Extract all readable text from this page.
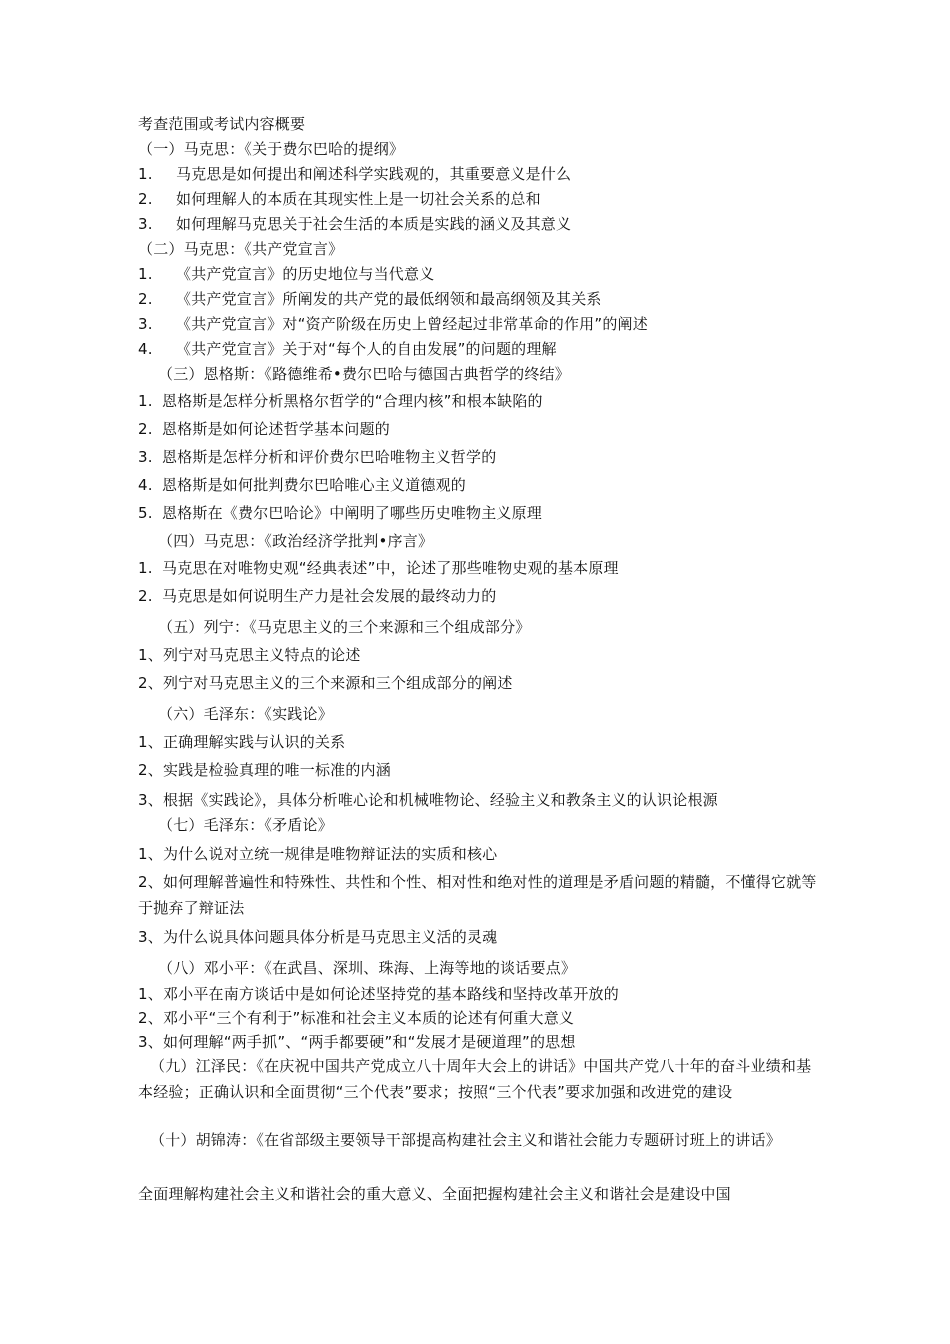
考查范围或考试内容概要
（一）马克思：《关于费尔巴哈的提纲》
1. 马克思是如何提出和阐述科学实践观的，其重要意义是什么
2. 如何理解人的本质在其现实性上是一切社会关系的总和
3. 如何理解马克思关于社会生活的本质是实践的涵义及其意义
（二）马克思：《共产党宣言》
1. 《共产党宣言》的历史地位与当代意义
2. 《共产党宣言》所阐发的共产党的最低纲领和最高纲领及其关系
3. 《共产党宣言》对“资产阶级在历史上曾经起过非常革命的作用”的阐述
4. 《共产党宣言》关于对“每个人的自由发展”的问题的理解
（三）恩格斯：《路德维希•费尔巴哈与德国古典哲学的终结》
1. 恩格斯是怎样分析黑格尔哲学的“合理内核”和根本缺陷的
2. 恩格斯是如何论述哲学基本问题的
3. 恩格斯是怎样分析和评价费尔巴哈唯物主义哲学的
4. 恩格斯是如何批判费尔巴哈唯心主义道德观的
5. 恩格斯在《费尔巴哈论》中阐明了哪些历史唯物主义原理
（四）马克思：《政治经济学批判•序言》
1. 马克思在对唯物史观“经典表述”中，论述了那些唯物史观的基本原理
2. 马克思是如何说明生产力是社会发展的最终动力的
（五）列宁：《马克思主义的三个来源和三个组成部分》
1、列宁对马克思主义特点的论述
2、列宁对马克思主义的三个来源和三个组成部分的阐述
（六）毛泽东：《实践论》
1、正确理解实践与认识的关系
2、实践是检验真理的唯一标准的内涵
3、根据《实践论》，具体分析唯心论和机械唯物论、经验主义和教条主义的认识论根源
（七）毛泽东：《矛盾论》
1、为什么说对立统一规律是唯物辩证法的实质和核心
2、如何理解普遍性和特殊性、共性和个性、相对性和绝对性的道理是矛盾问题的精髓，不懂得它就等于抛弃了辩证法
3、为什么说具体问题具体分析是马克思主义活的灵魂
（八）邓小平：《在武昌、深圳、珠海、上海等地的谈话要点》
1、邓小平在南方谈话中是如何论述坚持党的基本路线和坚持改革开放的
2、邓小平“三个有利于”标准和社会主义本质的论述有何重大意义
3、如何理解“两手抓”、“两手都要硬”和“发展才是硬道理”的思想
（九）江泽民：《在庆祝中国共产党成立八十周年大会上的讲话》中国共产党八十年的奋斗业绩和基本经验；正确认识和全面贯彻“三个代表”要求；按照“三个代表”要求加强和改进党的建设
（十）胡锦涛：《在省部级主要领导干部提高构建社会主义和谐社会能力专题研讨班上的讲话》
全面理解构建社会主义和谐社会的重大意义、全面把握构建社会主义和谐社会是建设中国
